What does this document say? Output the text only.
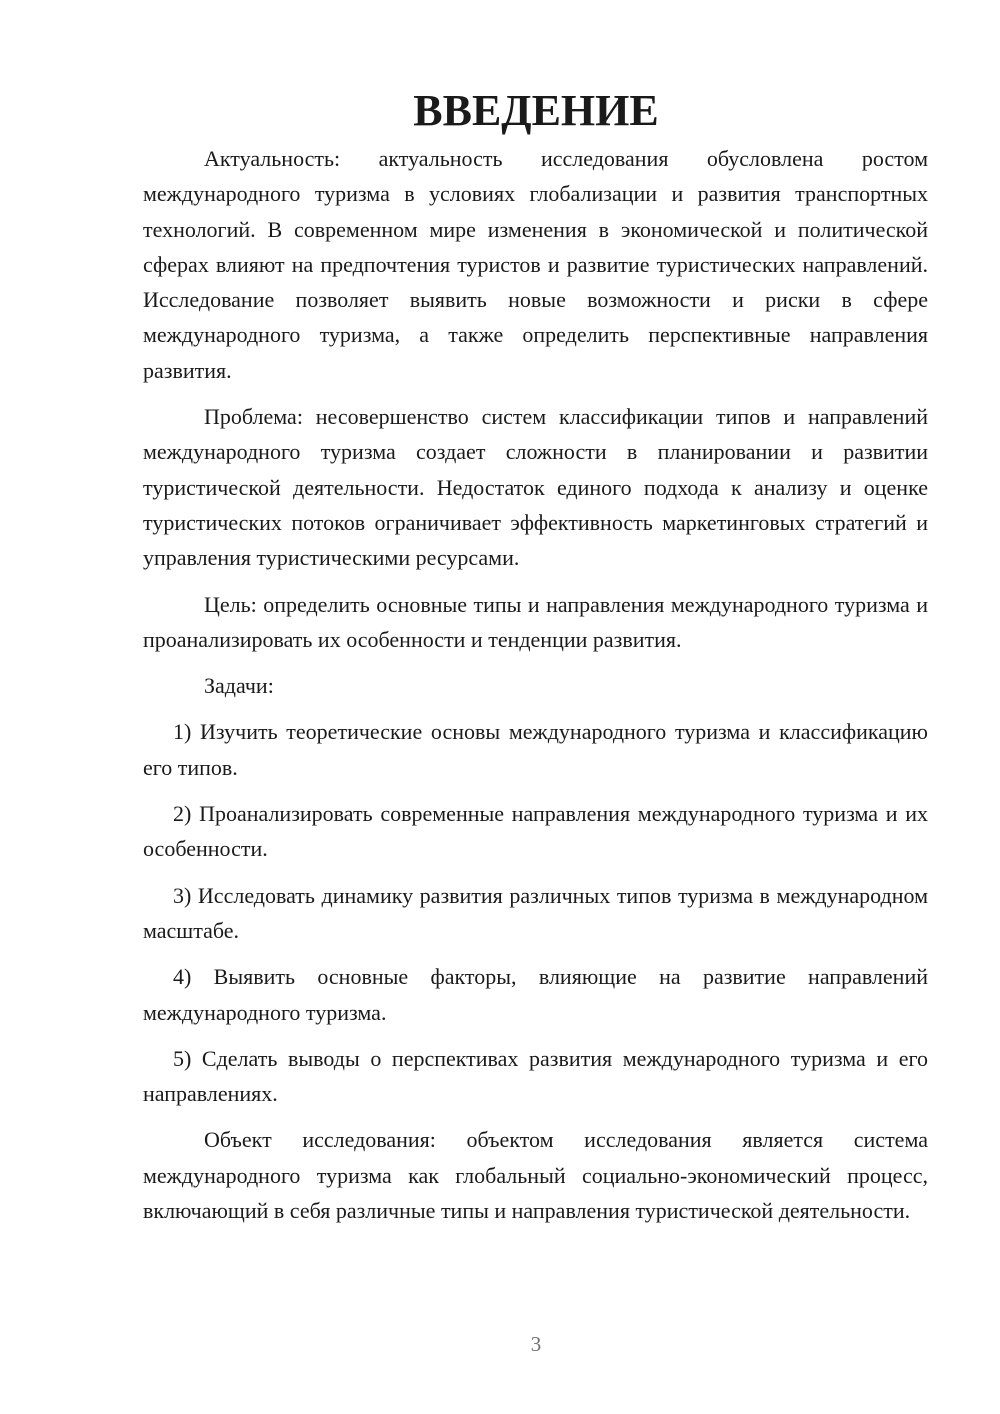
ВВЕДЕНИЕ

Актуальность: актуальность исследования обусловлена ростом международного туризма в условиях глобализации и развития транспортных технологий. В современном мире изменения в экономической и политической сферах влияют на предпочтения туристов и развитие туристических направлений. Исследование позволяет выявить новые возможности и риски в сфере международного туризма, а также определить перспективные направления развития.

Проблема: несовершенство систем классификации типов и направлений международного туризма создает сложности в планировании и развитии туристической деятельности. Недостаток единого подхода к анализу и оценке туристических потоков ограничивает эффективность маркетинговых стратегий и управления туристическими ресурсами.

Цель: определить основные типы и направления международного туризма и проанализировать их особенности и тенденции развития.

Задачи:

1) Изучить теоретические основы международного туризма и классификацию его типов.

2) Проанализировать современные направления международного туризма и их особенности.

3) Исследовать динамику развития различных типов туризма в международном масштабе.

4) Выявить основные факторы, влияющие на развитие направлений международного туризма.

5) Сделать выводы о перспективах развития международного туризма и его направлениях.

Объект исследования: объектом исследования является система международного туризма как глобальный социально-экономический процесс, включающий в себя различные типы и направления туристической деятельности.

3
